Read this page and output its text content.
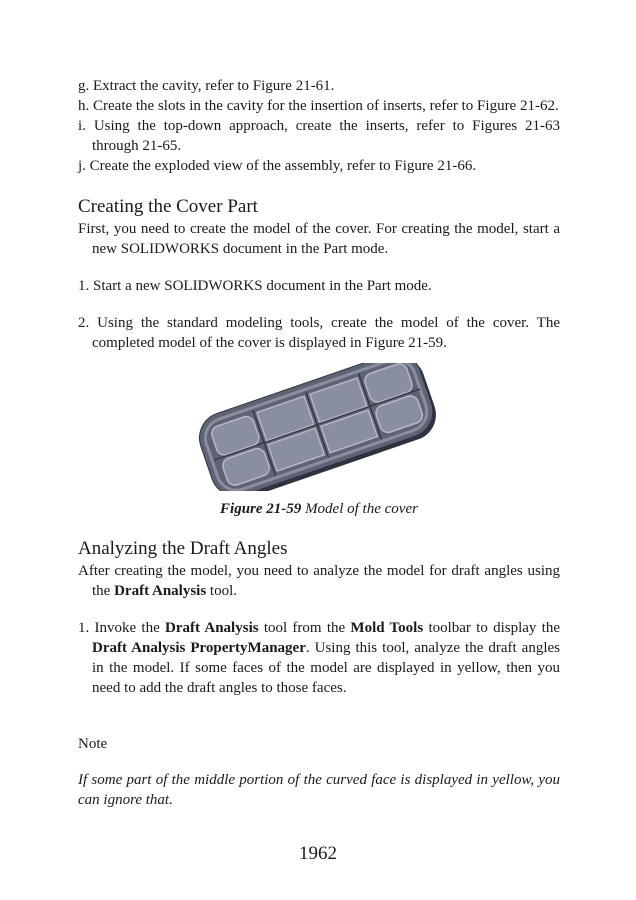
g. Extract the cavity, refer to Figure 21-61.

h. Create the slots in the cavity for the insertion of inserts, refer to Figure 21-62.

i. Using the top-down approach, create the inserts, refer to Figures 21-63 through 21-65.

j. Create the exploded view of the assembly, refer to Figure 21-66.

Creating the Cover Part

First, you need to create the model of the cover. For creating the model, start a new SOLIDWORKS document in the Part mode.

1. Start a new SOLIDWORKS document in the Part mode.

2. Using the standard modeling tools, create the model of the cover. The completed model of the cover is displayed in Figure 21-59.

Figure 21-59 Model of the cover

Analyzing the Draft Angles

After creating the model, you need to analyze the model for draft angles using the Draft Analysis tool.

1. Invoke the Draft Analysis tool from the Mold Tools toolbar to display the Draft Analysis PropertyManager. Using this tool, analyze the draft angles in the model. If some faces of the model are displayed in yellow, then you need to add the draft angles to those faces.

Note

If some part of the middle portion of the curved face is displayed in yellow, you can ignore that.

1962
